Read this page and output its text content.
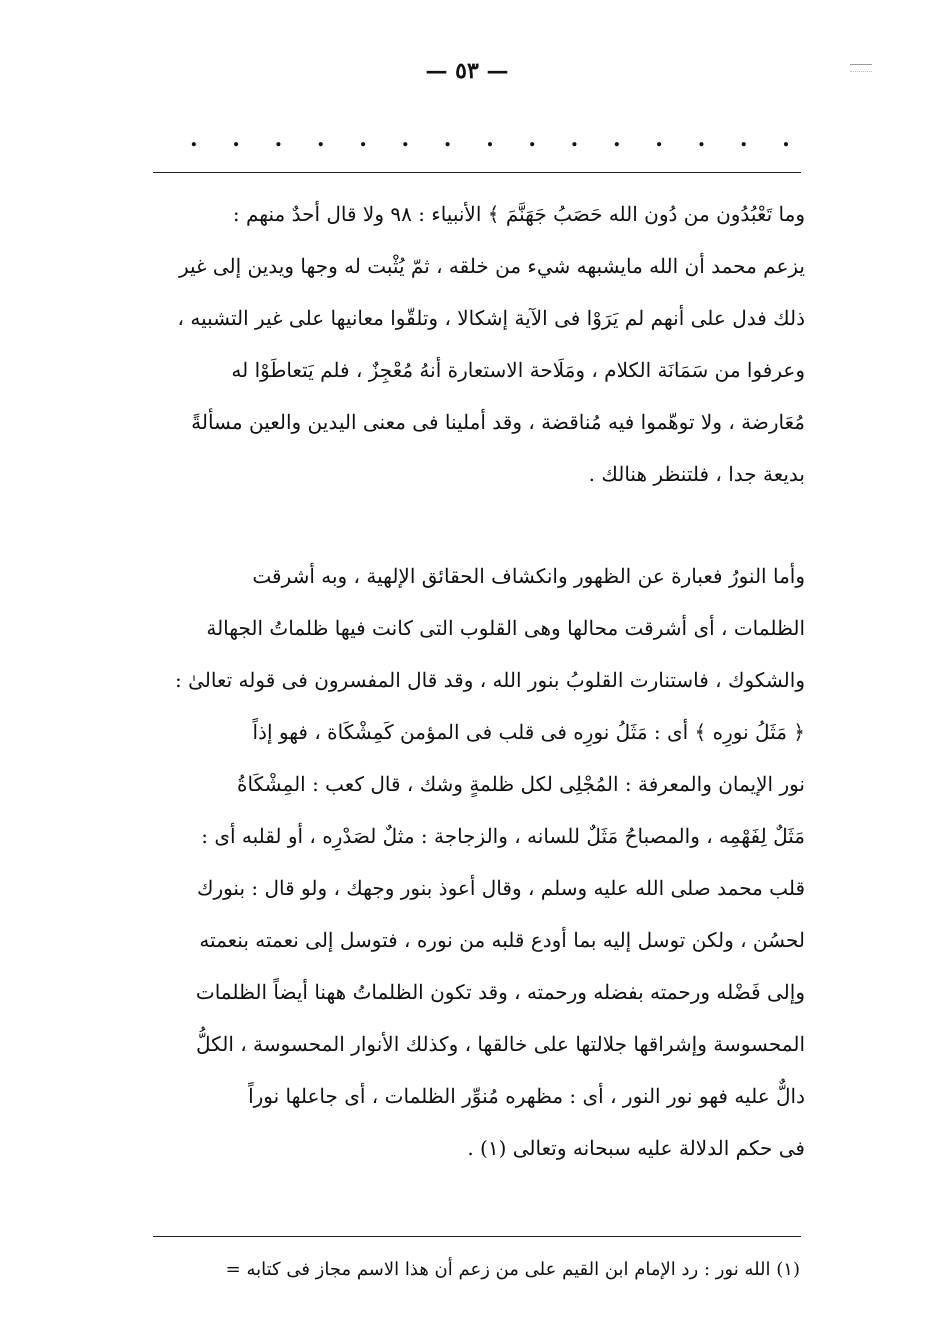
— ٥٣ —
. . . . . . . . . . . . . . .
وما تَعْبُدُون من دُون الله حَصَبُ جَهَنَّمَ ﴾ الأنبياء : ٩٨ ولا قال أحدٌ منهم :
يزعم محمد أن الله مايشبهه شيء من خلقه ، ثمّ يُثْبت له وجها ويدين إلى غير
ذلك فدل على أنهم لم يَرَوْا فى الآية إشكالا ، وتلقّوا معانيها على غير التشبيه ،
وعرفوا من سَمَانَة الكلام ، ومَلَاحة الاستعارة أنهُ مُعْجِزٌ ، فلم يَتعاطَوْا له
مُعَارضة ، ولا توهّموا فيه مُناقضة ، وقد أملينا فى معنى اليدين والعين مسألةً
بديعة جدا ، فلتنظر هنالك .
وأما النورُ فعبارة عن الظهور وانكشاف الحقائق الإلهية ، وبه أشرقت
الظلمات ، أى أشرقت محالها وهى القلوب التى كانت فيها ظلماتُ الجهالة
والشكوك ، فاستنارت القلوبُ بنور الله ، وقد قال المفسرون فى قوله تعالىٰ :
﴿ مَثَلُ نورِه ﴾ أى : مَثَلُ نورِه فى قلب فى المؤمن كَمِشْكَاة ، فهو إذاً
نور الإيمان والمعرفة : المُجْلِى لكل ظلمةٍ وشك ، قال كعب : المِشْكَاةُ
مَثَلٌ لِفَهْمِه ، والمصباحُ مَثَلٌ للسانه ، والزجاجة : مثلٌ لصَدْرِه ، أو لقلبه أى :
قلب محمد صلى الله عليه وسلم ، وقال أعوذ بنور وجهك ، ولو قال : بنورك
لحسُن ، ولكن توسل إليه بما أودع قلبه من نوره ، فتوسل إلى نعمته بنعمته
وإلى فَضْله ورحمته بفضله ورحمته ، وقد تكون الظلماتُ ههنا أيضاً الظلمات
المحسوسة وإشراقها جلالتها على خالقها ، وكذلك الأنوار المحسوسة ، الكلُّ
دالٌّ عليه فهو نور النور ، أى : مظهره مُنوِّر الظلمات ، أى جاعلها نوراً
فى حكم الدلالة عليه سبحانه وتعالى (١) .
(١) الله نور : رد الإمام ابن القيم على من زعم أن هذا الاسم مجاز فى كتابه =
